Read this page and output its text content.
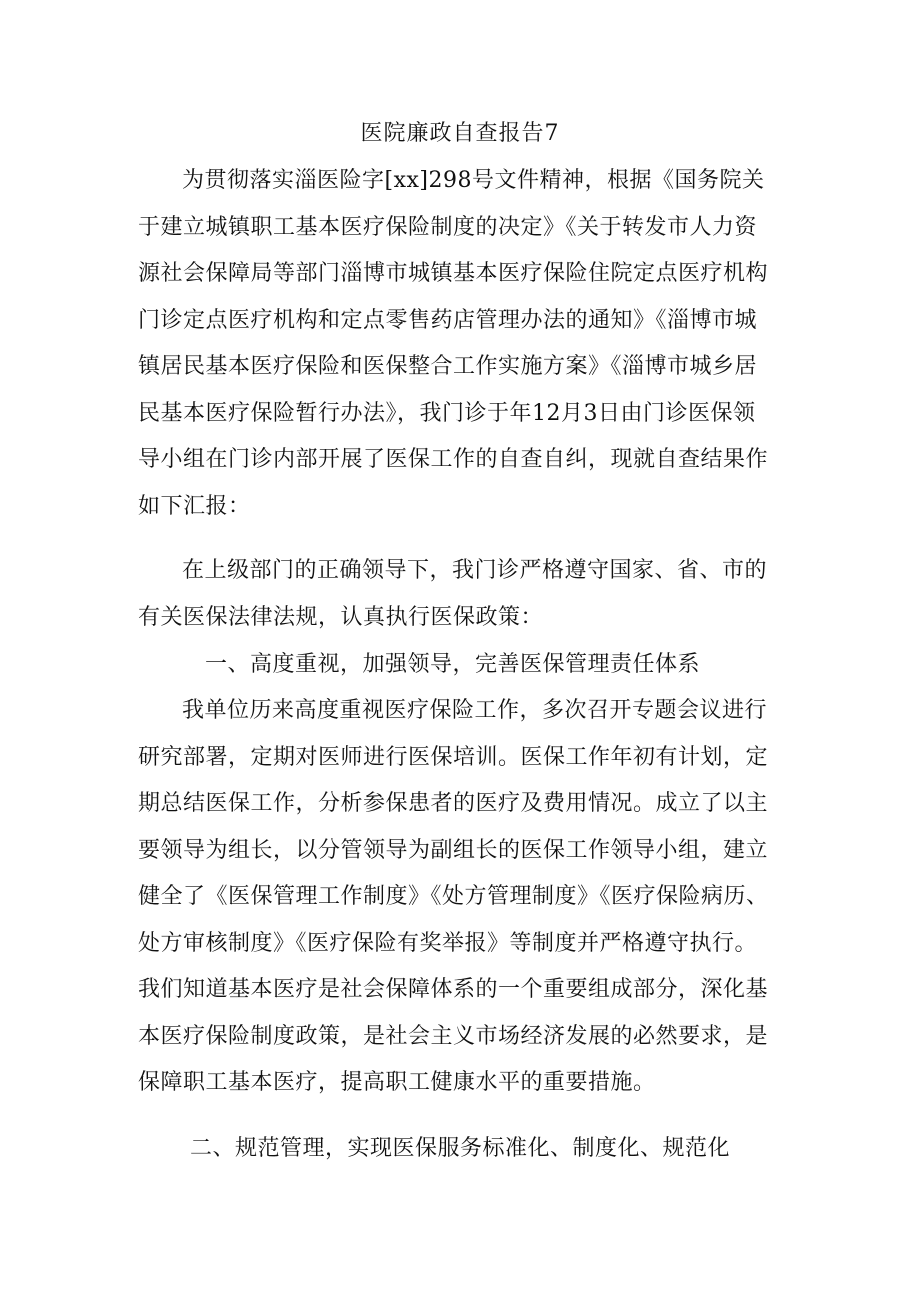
医院廉政自查报告7
为贯彻落实淄医险字[xx]298号文件精神，根据《国务院关
于建立城镇职工基本医疗保险制度的决定》《关于转发市人力资
源社会保障局等部门淄博市城镇基本医疗保险住院定点医疗机构
门诊定点医疗机构和定点零售药店管理办法的通知》《淄博市城
镇居民基本医疗保险和医保整合工作实施方案》《淄博市城乡居
民基本医疗保险暂行办法》，我门诊于年12月3日由门诊医保领
导小组在门诊内部开展了医保工作的自查自纠，现就自查结果作
如下汇报：
在上级部门的正确领导下，我门诊严格遵守国家、省、市的
有关医保法律法规，认真执行医保政策：
一、高度重视，加强领导，完善医保管理责任体系
我单位历来高度重视医疗保险工作，多次召开专题会议进行
研究部署，定期对医师进行医保培训。医保工作年初有计划，定
期总结医保工作，分析参保患者的医疗及费用情况。成立了以主
要领导为组长，以分管领导为副组长的医保工作领导小组，建立
健全了《医保管理工作制度》《处方管理制度》《医疗保险病历、
处方审核制度》《医疗保险有奖举报》等制度并严格遵守执行。
我们知道基本医疗是社会保障体系的一个重要组成部分，深化基
本医疗保险制度政策，是社会主义市场经济发展的必然要求，是
保障职工基本医疗，提高职工健康水平的重要措施。
二、规范管理，实现医保服务标准化、制度化、规范化
